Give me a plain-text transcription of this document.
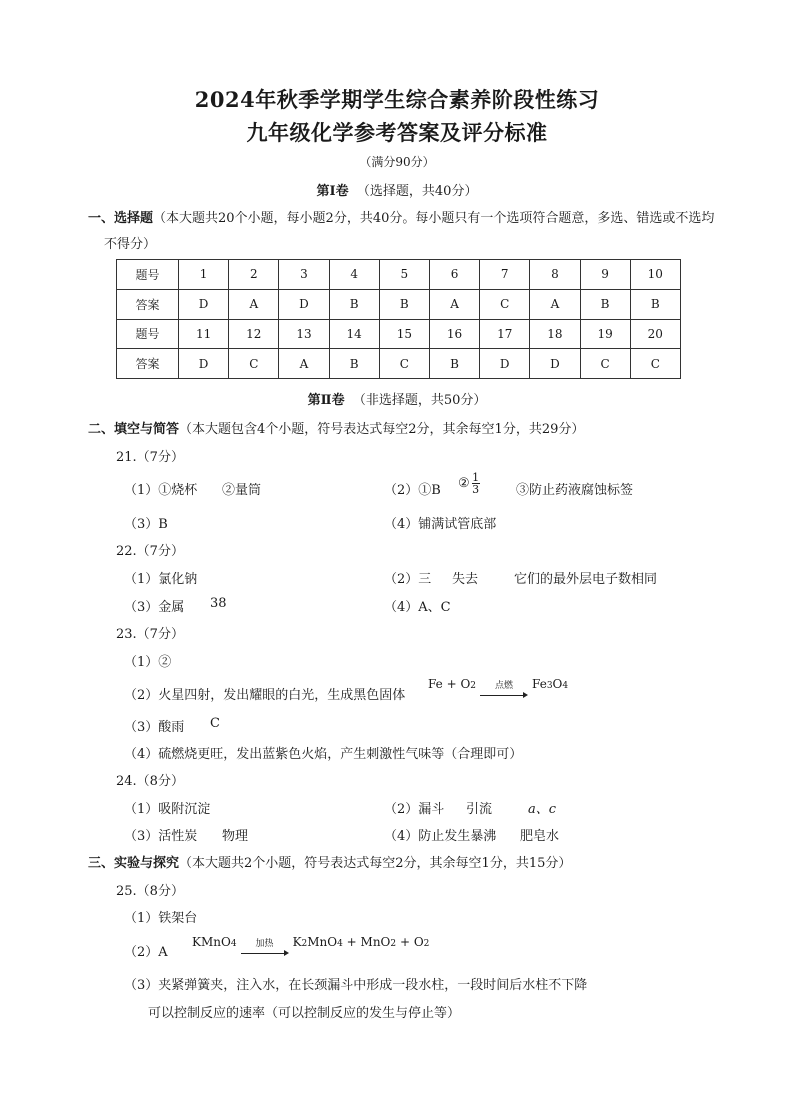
2024年秋季学期学生综合素养阶段性练习
九年级化学参考答案及评分标准
（满分90分）
第Ⅰ卷 （选择题，共40分）
一、选择题（本大题共20个小题，每小题2分，共40分。每小题只有一个选项符合题意，多选、错选或不选均
不得分）
题号	1	2	3	4	5	6	7	8	9	10
答案	D	A	D	B	B	A	C	A	B	B
题号	11	12	13	14	15	16	17	18	19	20
答案	D	C	A	B	C	B	D	D	C	C
第Ⅱ卷 （非选择题，共50分）
二、填空与简答（本大题包含4个小题，符号表达式每空2分，其余每空1分，共29分）
21.（7分）
（1）①烧杯 ②量筒	（2）①B ② $\frac{1}{3}$	③防止药液腐蚀标签
（3）B	（4）铺满试管底部
22.（7分）
（1）氯化钠	（2）三 失去	它们的最外层电子数相同
（3）金属 38	（4）A、C
23.（7分）
（1）②
（2）火星四射，发出耀眼的白光，生成黑色固体
Fe + O 2 点燃 Fe 3 O 4
（3）酸雨 C
（4）硫燃烧更旺，发出蓝紫色火焰，产生刺激性气味等（合理即可）
24.（8分）
（1）吸附沉淀	（2）漏斗 引流	a、c
（3）活性炭 物理	（4）防止发生暴沸 肥皂水
三、实验与探究（本大题共2个小题，符号表达式每空2分，其余每空1分，共15分）
25.（8分）
（1）铁架台
（2）A
KMnO 4 加热 K 2 MnO 4 + MnO 2 + O 2
（3）夹紧弹簧夹，注入水，在长颈漏斗中形成一段水柱，一段时间后水柱不下降
可以控制反应的速率（可以控制反应的发生与停止等）
